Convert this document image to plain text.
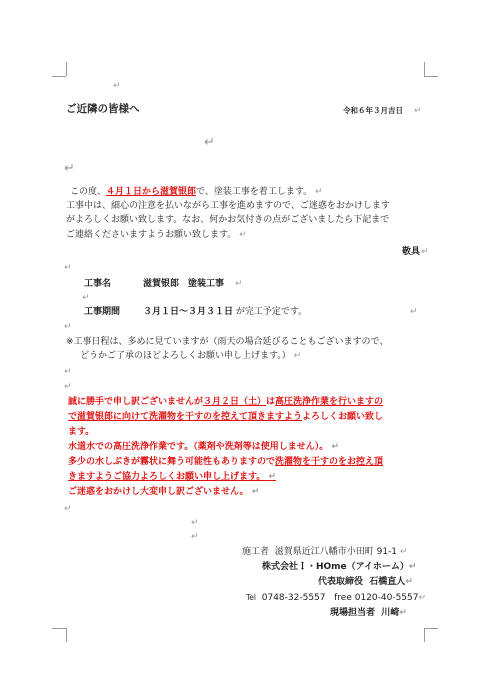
↵
ご近隣の皆様へ	令和６年３月吉日 ↵
↵
↵
この度、４月１日から滋賀银郎で、塗装工事を着工します。 ↵
工事中は、細心の注意を払いながら工事を進めますので、ご迷惑をおかけします
がよろしくお願い致します。なお、何かお気付きの点がございましたら下記まで
ご連絡くださいますようお願い致します。 ↵
敬具 ↵
↵
工事名	滋賀银郎　塗装工事 ↵
↵
工事期間	３月１日〜３月３１日 が完工予定です。	↵
↵
※工事日程は、多めに見ていますが（雨天の場合延びることもございますので、
どうかご了承のほどよろしくお願い申し上げます。） ↵
↵
↵
誠に勝手で申し訳ございませんが３月２日（土）は高圧洗浄作業を行いますの
で滋賀银郎に向けて洗濯物を干すのを控えて頂きますようよろしくお願い致し
ます。
水道水での高圧洗浄作業です。（薬剤や洗剤等は使用しません）。 ↵
多少の水しぶきが霧状に舞う可能性もありますので洗濯物を干すのをお控え頂
きますようご協力よろしくお願い申し上げます。 ↵
ご迷惑をおかけし大変申し訳ございません。 ↵
↵
↵
↵
施工者 滋賀県近江八幡市小田町 91-1 ↵
株式会社Ｉ・HOme（アイホーム）↵
代表取締役 石橋直人↵
Tel 0748-32-5557 free 0120-40-5557↵
現場担当者 川崎↵
